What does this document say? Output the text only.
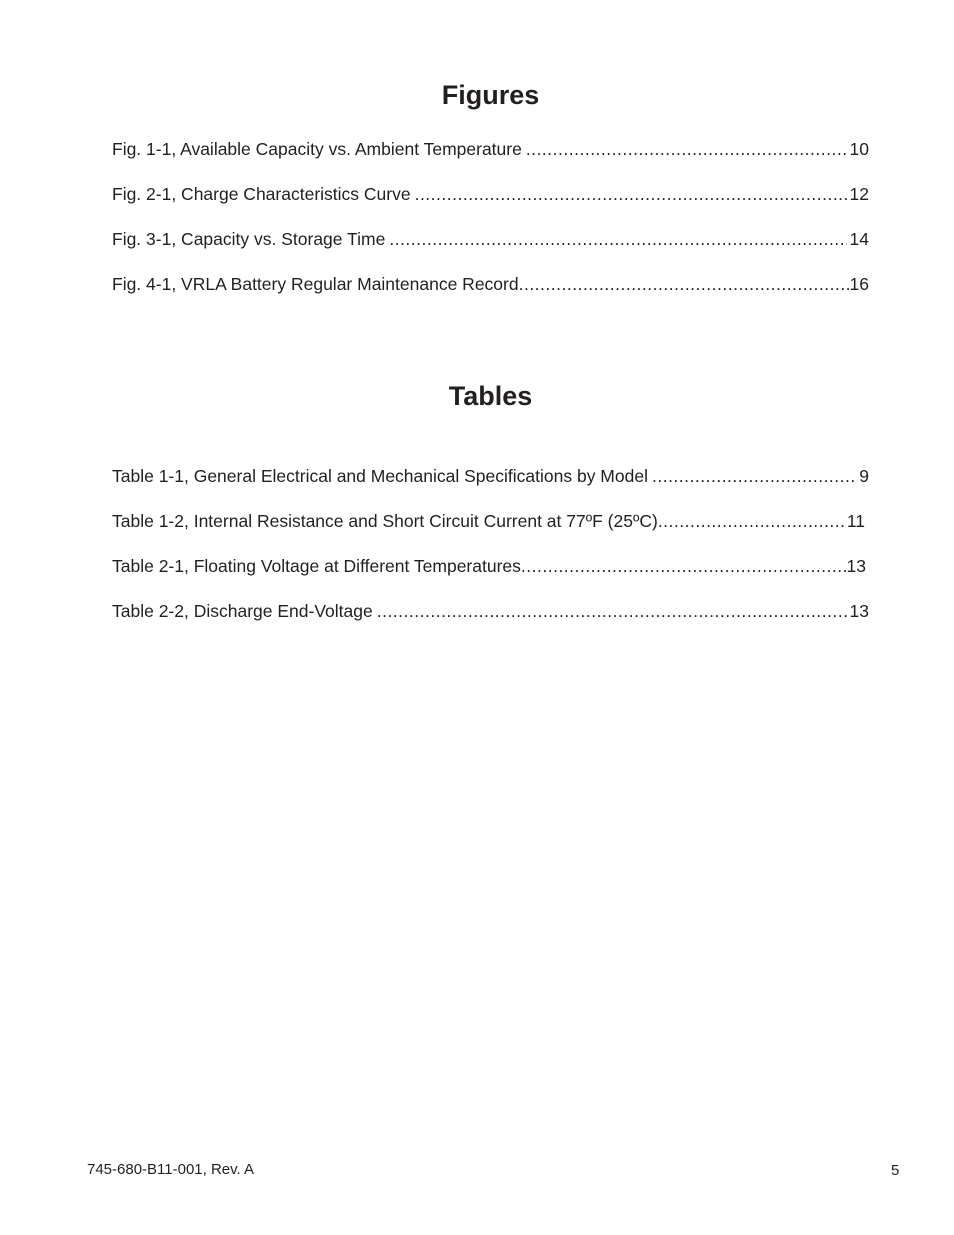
Figures
Fig. 1-1, Available Capacity vs. Ambient Temperature .....	10
Fig. 2-1, Charge Characteristics Curve .....	12
Fig. 3-1, Capacity vs. Storage Time .....	14
Fig. 4-1, VRLA Battery Regular Maintenance Record .....	16
Tables
Table 1-1, General Electrical and Mechanical Specifications by Model .....	9
Table 1-2, Internal Resistance and Short Circuit Current at 77ºF (25ºC) .....	11
Table 2-1, Floating Voltage at Different Temperatures .....	13
Table 2-2, Discharge End-Voltage .....	13
745-680-B11-001, Rev. A	5
